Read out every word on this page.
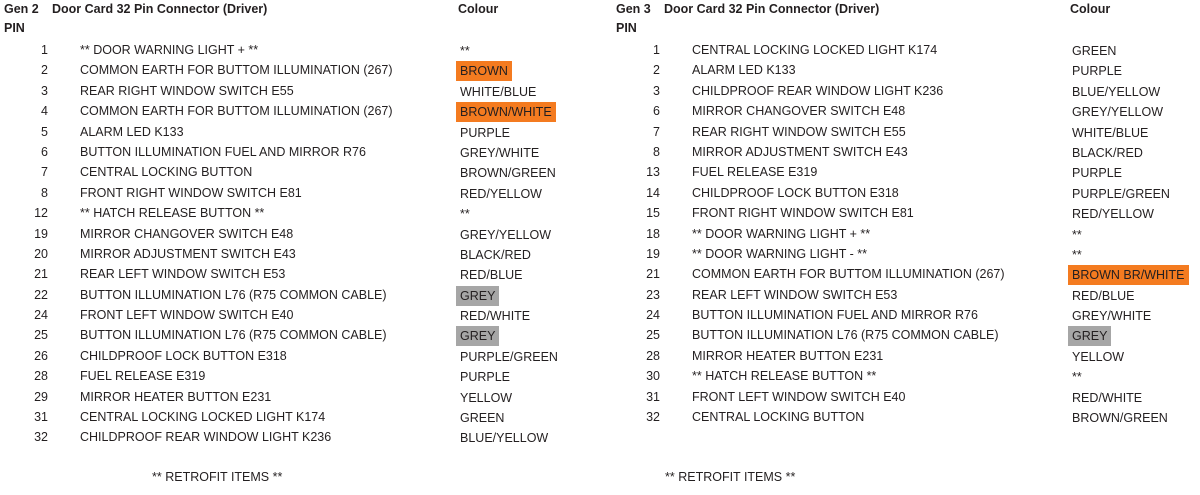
Gen 2 Door Card 32 Pin Connector (Driver)	Colour
PIN
1	** DOOR WARNING LIGHT + **	**
2	COMMON EARTH FOR BUTTOM ILLUMINATION (267)	BROWN
3	REAR RIGHT WINDOW SWITCH E55	WHITE/BLUE
4	COMMON EARTH FOR BUTTOM ILLUMINATION (267)	BROWN/WHITE
5	ALARM LED K133	PURPLE
6	BUTTON ILLUMINATION FUEL AND MIRROR R76	GREY/WHITE
7	CENTRAL LOCKING BUTTON	BROWN/GREEN
8	FRONT RIGHT WINDOW SWITCH E81	RED/YELLOW
12	** HATCH RELEASE BUTTON **	**
19	MIRROR CHANGOVER SWITCH E48	GREY/YELLOW
20	MIRROR ADJUSTMENT SWITCH E43	BLACK/RED
21	REAR LEFT WINDOW SWITCH E53	RED/BLUE
22	BUTTON ILLUMINATION L76 (R75 COMMON CABLE)	GREY
24	FRONT LEFT WINDOW SWITCH E40	RED/WHITE
25	BUTTON ILLUMINATION L76 (R75 COMMON CABLE)	GREY
26	CHILDPROOF LOCK BUTTON E318	PURPLE/GREEN
28	FUEL RELEASE E319	PURPLE
29	MIRROR HEATER BUTTON E231	YELLOW
31	CENTRAL LOCKING LOCKED LIGHT K174	GREEN
32	CHILDPROOF REAR WINDOW LIGHT K236	BLUE/YELLOW
Gen 3 Door Card 32 Pin Connector (Driver)	Colour
PIN
1	CENTRAL LOCKING LOCKED LIGHT K174	GREEN
2	ALARM LED K133	PURPLE
3	CHILDPROOF REAR WINDOW LIGHT K236	BLUE/YELLOW
6	MIRROR CHANGOVER SWITCH E48	GREY/YELLOW
7	REAR RIGHT WINDOW SWITCH E55	WHITE/BLUE
8	MIRROR ADJUSTMENT SWITCH E43	BLACK/RED
13	FUEL RELEASE E319	PURPLE
14	CHILDPROOF LOCK BUTTON E318	PURPLE/GREEN
15	FRONT RIGHT WINDOW SWITCH E81	RED/YELLOW
18	** DOOR WARNING LIGHT + **	**
19	** DOOR WARNING LIGHT - **	**
21	COMMON EARTH FOR BUTTOM ILLUMINATION (267)	BROWN BR/WHITE
23	REAR LEFT WINDOW SWITCH E53	RED/BLUE
24	BUTTON ILLUMINATION FUEL AND MIRROR R76	GREY/WHITE
25	BUTTON ILLUMINATION L76 (R75 COMMON CABLE)	GREY
28	MIRROR HEATER BUTTON E231	YELLOW
30	** HATCH RELEASE BUTTON **	**
31	FRONT LEFT WINDOW SWITCH E40	RED/WHITE
32	CENTRAL LOCKING BUTTON	BROWN/GREEN
** RETROFIT ITEMS **	** RETROFIT ITEMS **
